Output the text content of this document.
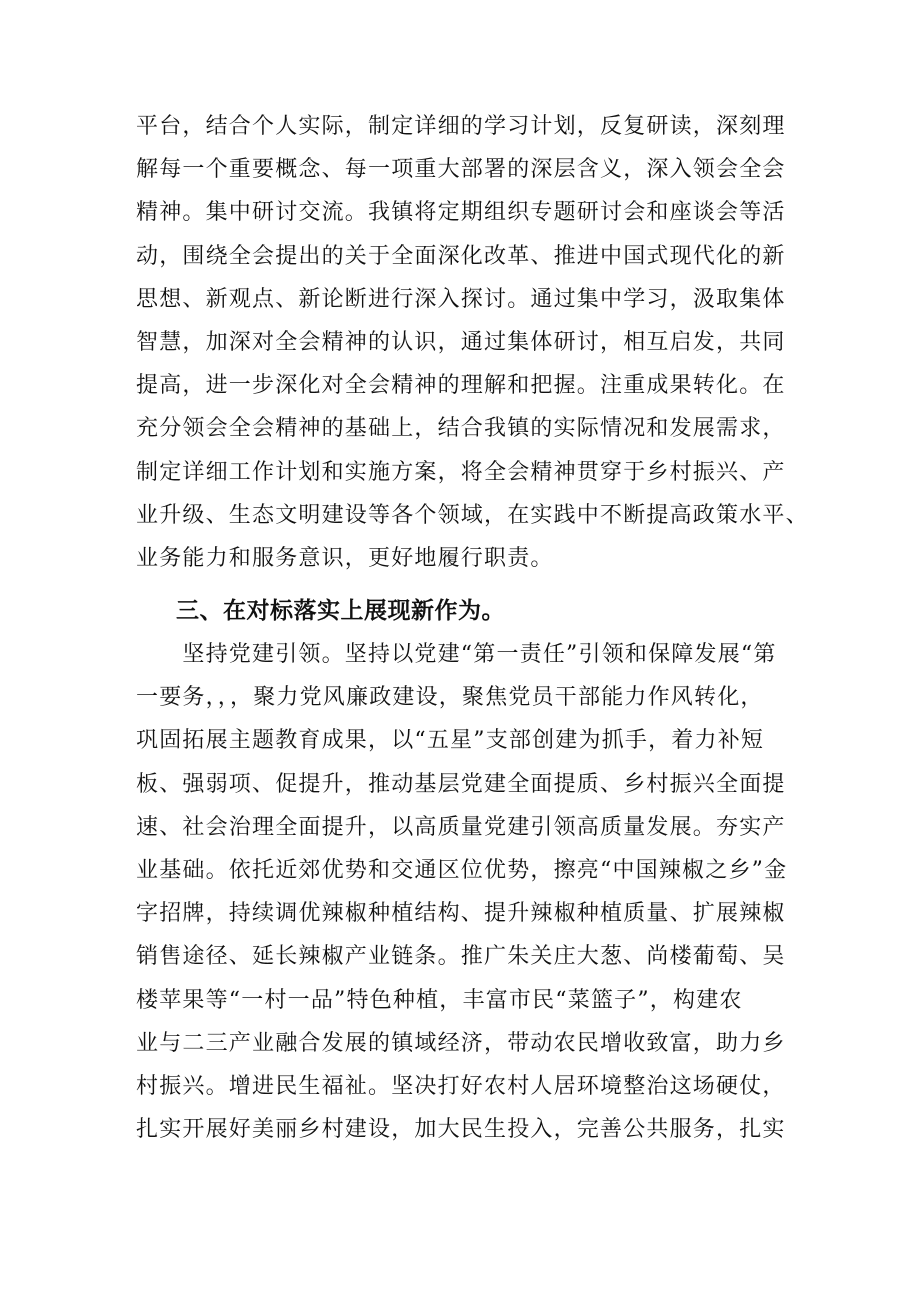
平台，结合个人实际，制定详细的学习计划，反复研读，深刻理
解每一个重要概念、每一项重大部署的深层含义，深入领会全会
精神。集中研讨交流。我镇将定期组织专题研讨会和座谈会等活
动，围绕全会提出的关于全面深化改革、推进中国式现代化的新
思想、新观点、新论断进行深入探讨。通过集中学习，汲取集体
智慧，加深对全会精神的认识，通过集体研讨，相互启发，共同
提高，进一步深化对全会精神的理解和把握。注重成果转化。在
充分领会全会精神的基础上，结合我镇的实际情况和发展需求，
制定详细工作计划和实施方案，将全会精神贯穿于乡村振兴、产
业升级、生态文明建设等各个领域，在实践中不断提高政策水平、
业务能力和服务意识，更好地履行职责。
三、在对标落实上展现新作为。
　　坚持党建引领。坚持以党建“第一责任”引领和保障发展“第
一要务，，，聚力党风廉政建设，聚焦党员干部能力作风转化，
巩固拓展主题教育成果，以“五星”支部创建为抓手，着力补短
板、强弱项、促提升，推动基层党建全面提质、乡村振兴全面提
速、社会治理全面提升，以高质量党建引领高质量发展。夯实产
业基础。依托近郊优势和交通区位优势，擦亮“中国辣椒之乡”金
字招牌，持续调优辣椒种植结构、提升辣椒种植质量、扩展辣椒
销售途径、延长辣椒产业链条。推广朱关庄大葱、尚楼葡萄、吴
楼苹果等“一村一品”特色种植，丰富市民“菜篮子”，构建农
业与二三产业融合发展的镇域经济，带动农民增收致富，助力乡
村振兴。增进民生福祉。坚决打好农村人居环境整治这场硬仗，
扎实开展好美丽乡村建设，加大民生投入，完善公共服务，扎实
